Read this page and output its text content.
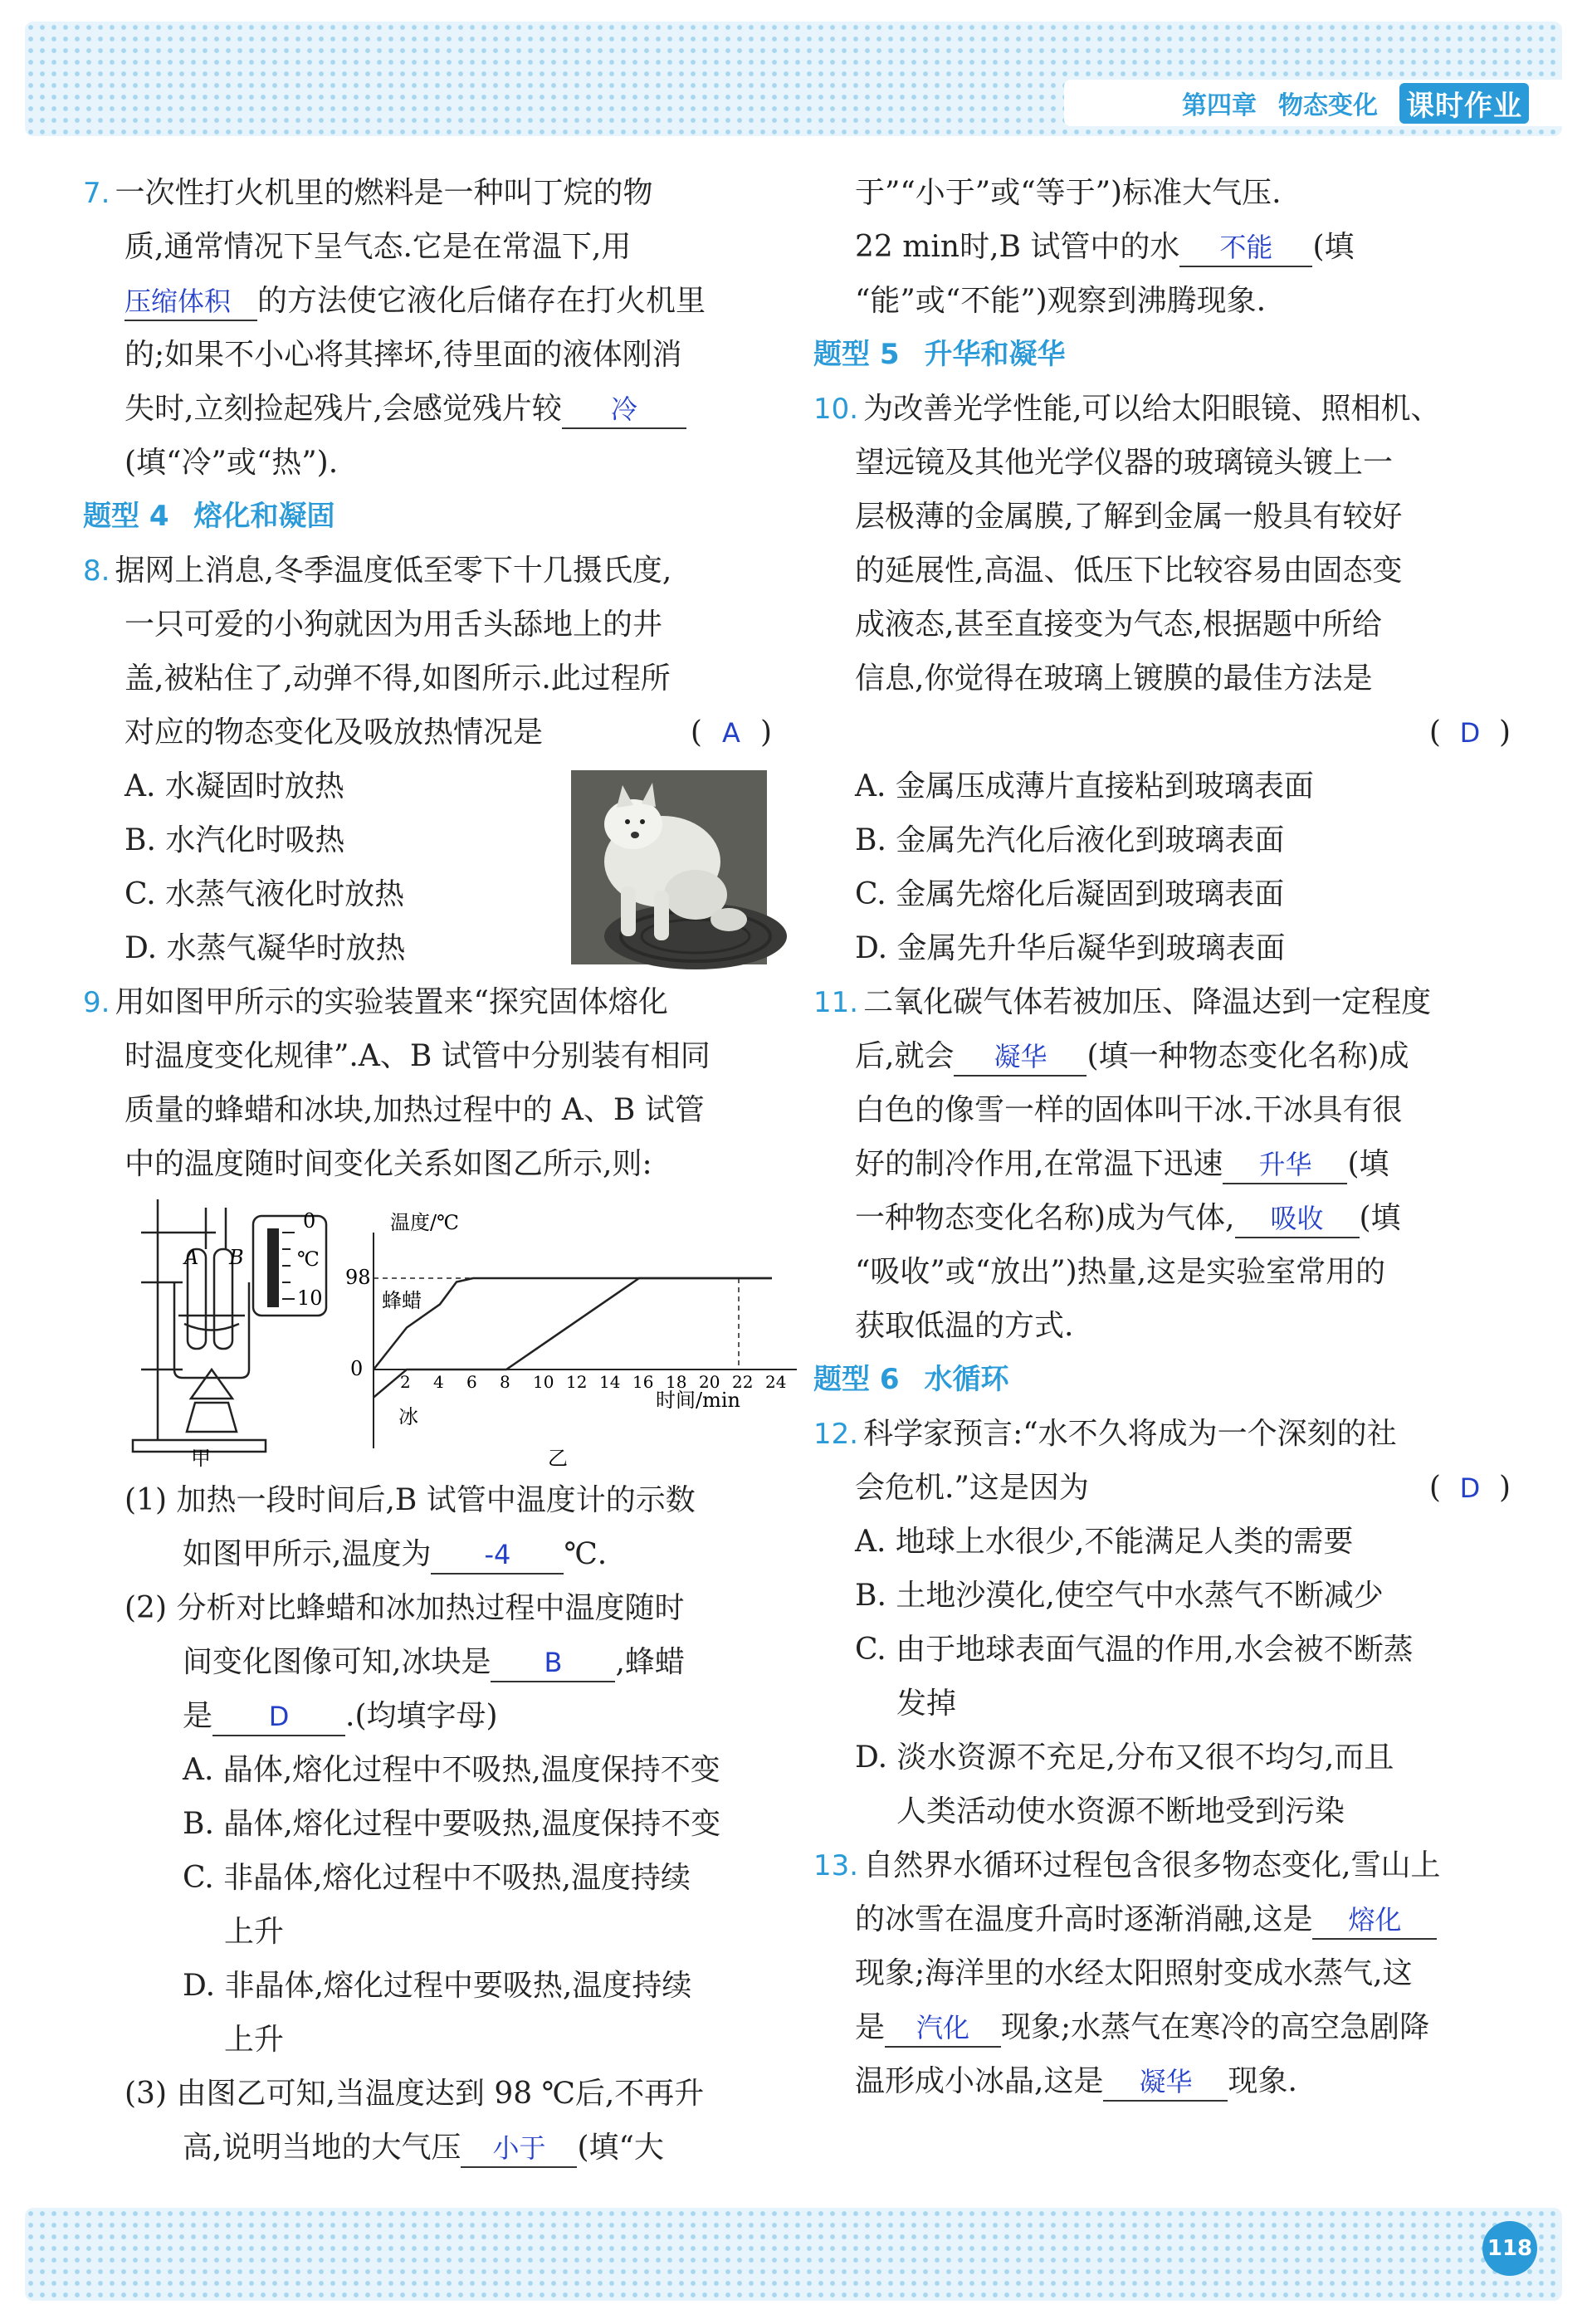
第四章 物态变化 课时作业
118
7. 一次性打火机里的燃料是一种叫丁烷的物
质,通常情况下呈气态.它是在常温下,用
压缩体积 的方法使它液化后储存在打火机里
的;如果不小心将其摔坏,待里面的液体刚消
失时,立刻捡起残片,会感觉残片较 冷
(填“冷”或“热”).
题型 4 熔化和凝固
8. 据网上消息,冬季温度低至零下十几摄氏度,
一只可爱的小狗就因为用舌头舔地上的井
盖,被粘住了,动弹不得,如图所示.此过程所
对应的物态变化及吸放热情况是	( A )
A. 水凝固时放热
B. 水汽化时吸热
C. 水蒸气液化时放热
D. 水蒸气凝华时放热
9. 用如图甲所示的实验装置来“探究固体熔化
时温度变化规律”.A、B 试管中分别装有相同
质量的蜂蜡和冰块,加热过程中的 A、B 试管
中的温度随时间变化关系如图乙所示,则:
(1) 加热一段时间后,B 试管中温度计的示数
如图甲所示,温度为 -4 ℃.
(2) 分析对比蜂蜡和冰加热过程中温度随时
间变化图像可知,冰块是 B ,蜂蜡
是 D .(均填字母)
A. 晶体,熔化过程中不吸热,温度保持不变
B. 晶体,熔化过程中要吸热,温度保持不变
C. 非晶体,熔化过程中不吸热,温度持续
上升
D. 非晶体,熔化过程中要吸热,温度持续
上升
(3) 由图乙可知,当温度达到 98 ℃后,不再升
高,说明当地的大气压 小于 (填“大
A B
0
℃
10
甲
2 4 6 8 10 12 14 16 18 20 22 24
温度/℃
98
0
蜂蜡
冰
时间/min
乙
于”“小于”或“等于”)标准大气压.
22 min时,B 试管中的水 不能 (填
“能”或“不能”)观察到沸腾现象.
题型 5 升华和凝华
10. 为改善光学性能,可以给太阳眼镜、照相机、
望远镜及其他光学仪器的玻璃镜头镀上一
层极薄的金属膜,了解到金属一般具有较好
的延展性,高温、低压下比较容易由固态变
成液态,甚至直接变为气态,根据题中所给
信息,你觉得在玻璃上镀膜的最佳方法是
( D )
A. 金属压成薄片直接粘到玻璃表面
B. 金属先汽化后液化到玻璃表面
C. 金属先熔化后凝固到玻璃表面
D. 金属先升华后凝华到玻璃表面
11. 二氧化碳气体若被加压、降温达到一定程度
后,就会 凝华 (填一种物态变化名称)成
白色的像雪一样的固体叫干冰.干冰具有很
好的制冷作用,在常温下迅速 升华 (填
一种物态变化名称)成为气体, 吸收 (填
“吸收”或“放出”)热量,这是实验室常用的
获取低温的方式.
题型 6 水循环
12. 科学家预言:“水不久将成为一个深刻的社
会危机.”这是因为	( D )
A. 地球上水很少,不能满足人类的需要
B. 土地沙漠化,使空气中水蒸气不断减少
C. 由于地球表面气温的作用,水会被不断蒸
发掉
D. 淡水资源不充足,分布又很不均匀,而且
人类活动使水资源不断地受到污染
13. 自然界水循环过程包含很多物态变化,雪山上
的冰雪在温度升高时逐渐消融,这是 熔化
现象;海洋里的水经太阳照射变成水蒸气,这
是 汽化 现象;水蒸气在寒冷的高空急剧降
温形成小冰晶,这是 凝华 现象.
